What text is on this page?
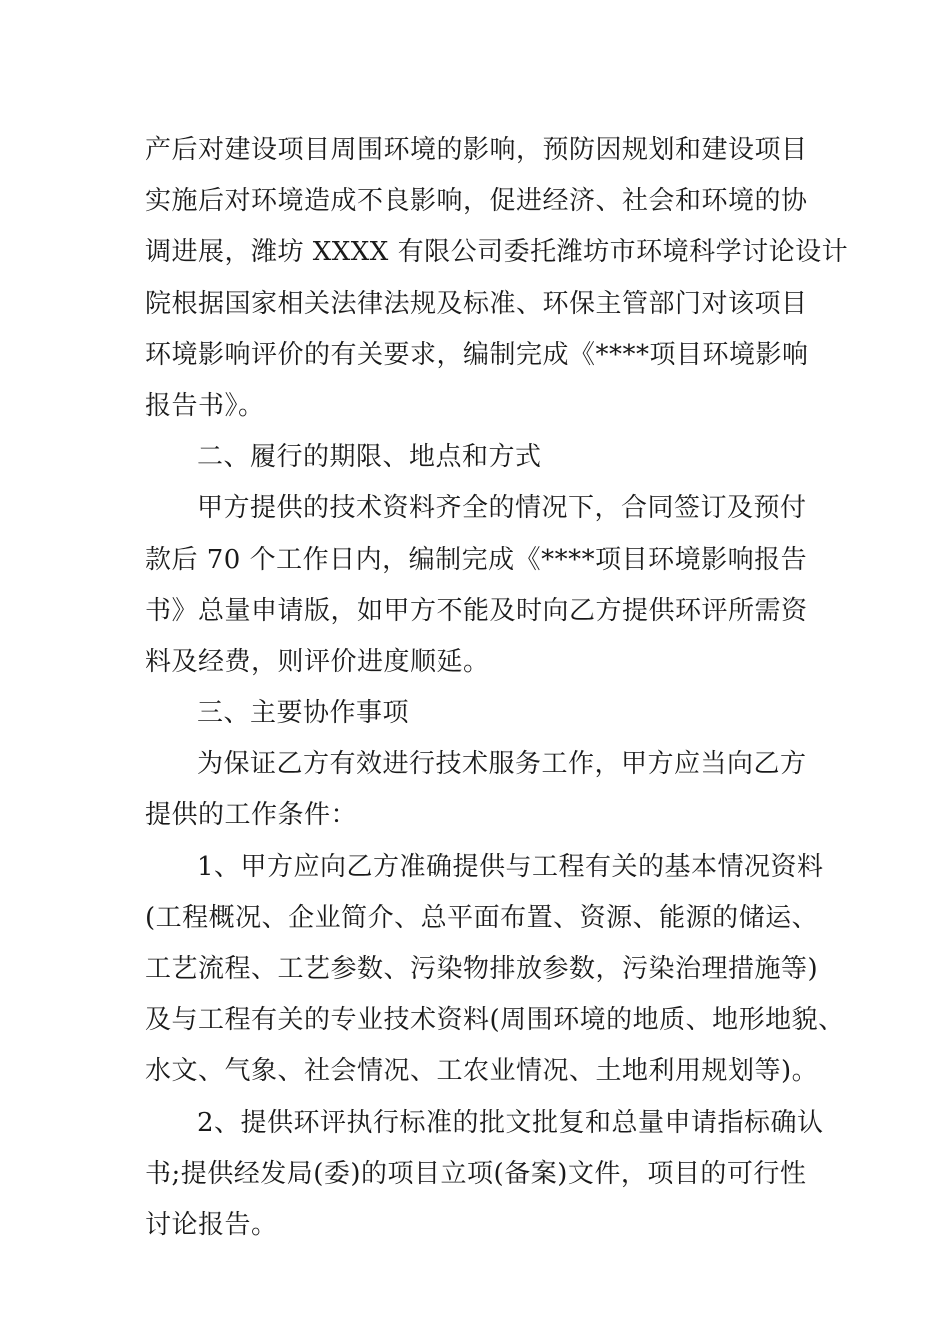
产后对建设项目周围环境的影响，预防因规划和建设项目
实施后对环境造成不良影响，促进经济、社会和环境的协
调进展，潍坊 XXXX 有限公司委托潍坊市环境科学讨论设计
院根据国家相关法律法规及标准、环保主管部门对该项目
环境影响评价的有关要求，编制完成《****项目环境影响
报告书》。
二、履行的期限、地点和方式
甲方提供的技术资料齐全的情况下，合同签订及预付
款后 70 个工作日内，编制完成《****项目环境影响报告
书》总量申请版，如甲方不能及时向乙方提供环评所需资
料及经费，则评价进度顺延。
三、主要协作事项
为保证乙方有效进行技术服务工作，甲方应当向乙方
提供的工作条件：
1、甲方应向乙方准确提供与工程有关的基本情况资料
(工程概况、企业简介、总平面布置、资源、能源的储运、
工艺流程、工艺参数、污染物排放参数，污染治理措施等)
及与工程有关的专业技术资料(周围环境的地质、地形地貌、
水文、气象、社会情况、工农业情况、土地利用规划等)。
2、提供环评执行标准的批文批复和总量申请指标确认
书;提供经发局(委)的项目立项(备案)文件，项目的可行性
讨论报告。
